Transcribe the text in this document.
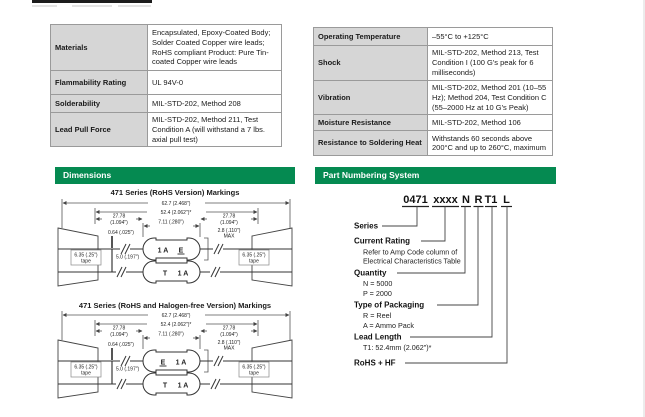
Materials	Encapsulated, Epoxy-Coated Body; Solder Coated Copper wire leads; RoHS compliant Product: Pure Tin-coated Copper wire leads
Flammability Rating	UL 94V-0
Solderability	MIL-STD-202, Method 208
Lead Pull Force	MIL-STD-202, Method 211, Test Condition A (will withstand a 7 lbs. axial pull test)
Operating Temperature	–55°C to +125°C
Shock	MIL-STD-202, Method 213, Test Condition I (100 G's peak for 6 milliseconds)
Vibration	MIL-STD-202, Method 201 (10–55 Hz); Method 204, Test Condition C (55–2000 Hz at 10 G's Peak)
Moisture Resistance	MIL-STD-202, Method 106
Resistance to Soldering Heat	Withstands 60 seconds above 200°C and up to 260°C, maximum
Dimensions	Part Numbering System
471 Series (RoHS Version) Markings
471 Series (RoHS and Halogen-free Version) Markings
6.35 (.25")
tape
6.35 (.25")
tape
62.7 (2.468")
52.4 (2.062")*
27.78
(1.094")
27.78
(1.094")
7.11 (.280")
0.64 (.025")	2.8 (.110")
MAX
5.0 (.197")
1 A E
T 1 A
6.35 (.25")
tape
6.35 (.25")
tape
62.7 (2.468")
52.4 (2.062")*
27.78
(1.094")
27.78
(1.094")
7.11 (.280")
0.64 (.025")	2.8 (.110")
MAX
5.0 (.197")
E 1 A
T 1 A
0471 xxxx N R T1 L
Series
Current Rating
Refer to Amp Code column of
Electrical Characteristics Table
Quantity
N = 5000
P = 2000
Type of Packaging
R = Reel
A = Ammo Pack
Lead Length
T1: 52.4mm (2.062")*
RoHS + HF
